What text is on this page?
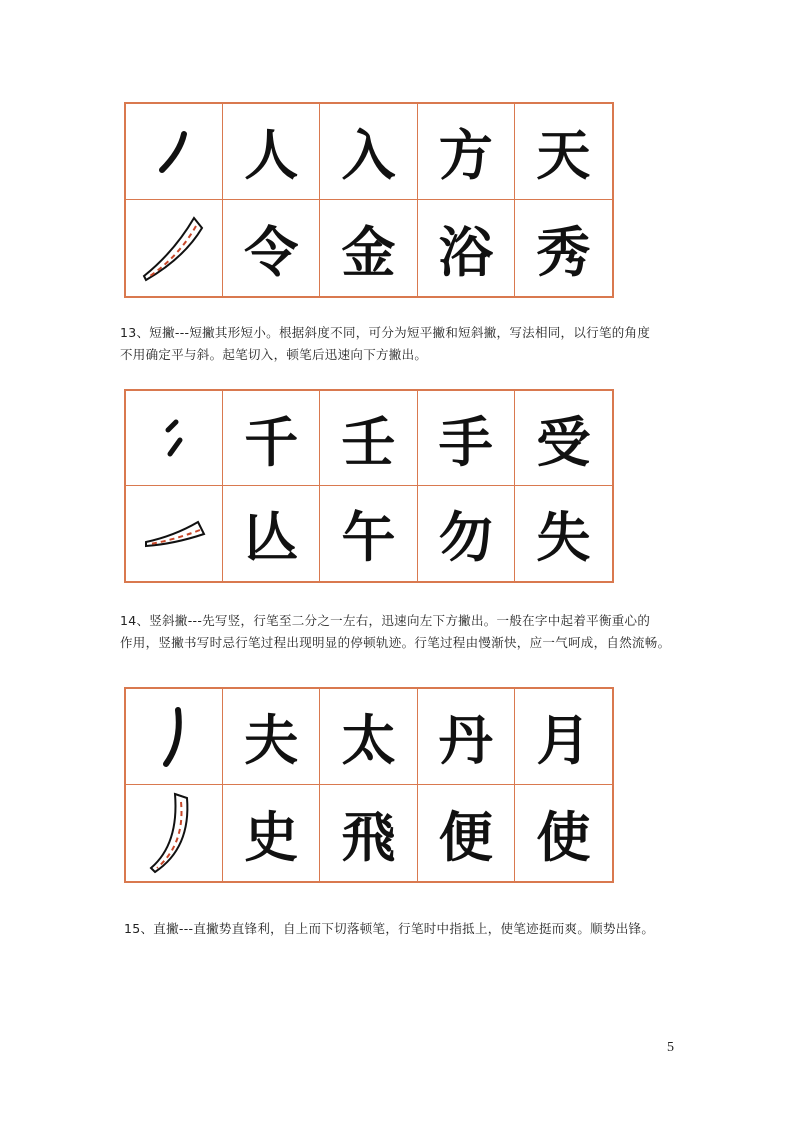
人 入 方 天
令 金 浴 秀
13、短撇---短撇其形短小。根据斜度不同，可分为短平撇和短斜撇，写法相同，以行笔的角度
不用确定平与斜。起笔切入，顿笔后迅速向下方撇出。
千 壬 手 受
亾 午 勿 失
14、竖斜撇---先写竖，行笔至二分之一左右，迅速向左下方撇出。一般在字中起着平衡重心的
作用，竖撇书写时忌行笔过程出现明显的停顿轨迹。行笔过程由慢渐快，应一气呵成，自然流畅。
夫 太 丹 月
史 飛 便 使
15、直撇---直撇势直锋利，自上而下切落顿笔，行笔时中指抵上，使笔迹挺而爽。顺势出锋。
5
